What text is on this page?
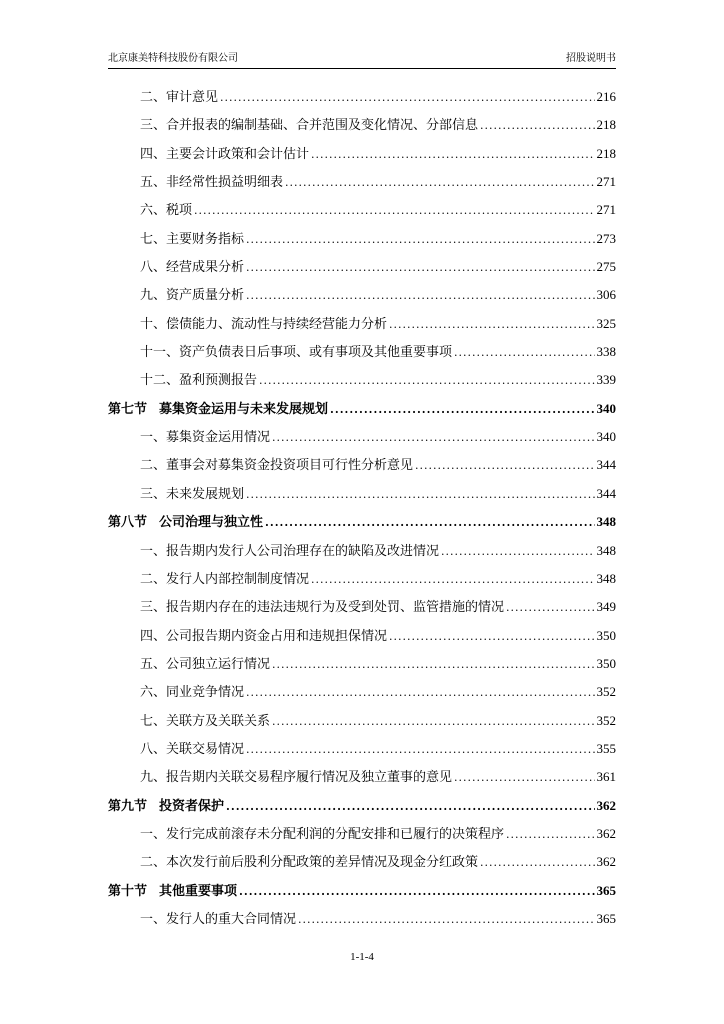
北京康美特科技股份有限公司	招股说明书
二、审计意见 .....	216
三、合并报表的编制基础、合并范围及变化情况、分部信息 .....	218
四、主要会计政策和会计估计 .....	218
五、非经常性损益明细表 .....	271
六、税项 .....	271
七、主要财务指标 .....	273
八、经营成果分析 .....	275
九、资产质量分析 .....	306
十、偿债能力、流动性与持续经营能力分析 .....	325
十一、资产负债表日后事项、或有事项及其他重要事项 .....	338
十二、盈利预测报告 .....	339
第七节 募集资金运用与未来发展规划 .....	340
一、募集资金运用情况 .....	340
二、董事会对募集资金投资项目可行性分析意见 .....	344
三、未来发展规划 .....	344
第八节 公司治理与独立性 .....	348
一、报告期内发行人公司治理存在的缺陷及改进情况 .....	348
二、发行人内部控制制度情况 .....	348
三、报告期内存在的违法违规行为及受到处罚、监管措施的情况 .....	349
四、公司报告期内资金占用和违规担保情况 .....	350
五、公司独立运行情况 .....	350
六、同业竞争情况 .....	352
七、关联方及关联关系 .....	352
八、关联交易情况 .....	355
九、报告期内关联交易程序履行情况及独立董事的意见 .....	361
第九节 投资者保护 .....	362
一、发行完成前滚存未分配利润的分配安排和已履行的决策程序 .....	362
二、本次发行前后股利分配政策的差异情况及现金分红政策 .....	362
第十节 其他重要事项 .....	365
一、发行人的重大合同情况 .....	365
1-1-4
